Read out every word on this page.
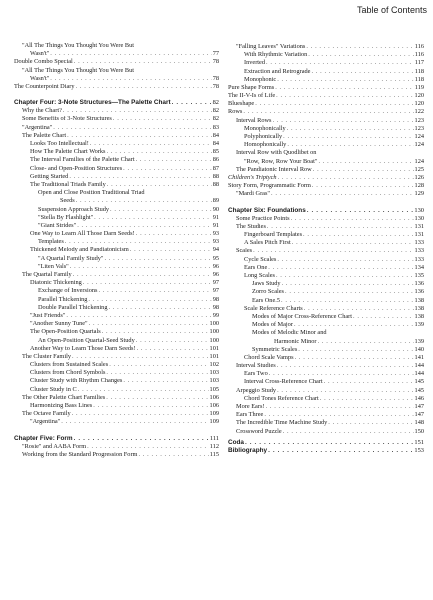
Table of Contents
"All The Things You Thought You Were But
Wasn't" . . .	77
Double Combo Special . . .	78
"All The Things You Thought You Were But
Wasn't" . . .	78
The Counterpoint Diary . . .	78
Chapter Four: 3-Note Structures—The Palette Chart . . .	82
Why the Chart? . . .	82
Some Benefits of 3-Note Structures . . .	82
"Argentina" . . .	83
The Palette Chart . . .	84
Looks Too Intellectual! . . .	84
How The Palette Chart Works . . .	85
The Interval Families of the Palette Chart . . .	86
Close- and Open-Position Structures . . .	87
Getting Started . . .	88
The Traditional Triads Family . . .	88
Open and Close Position Traditional Triad
Seeds . . .	89
Suspension Approach Study . . .	90
"Stella By Flashlight" . . .	91
"Giant Strides" . . .	91
One Way to Learn All Those Darn Seeds! . . .	93
Templates . . .	93
Thickened Melody and Pandiatonicism . . .	94
"A Quartal Family Study" . . .	95
"Liten Vals" . . .	96
The Quartal Family . . .	96
Diatonic Thickening . . .	97
Exchange of Inversions . . .	97
Parallel Thickening . . .	98
Double Parallel Thickening . . .	98
"Just Friends" . . .	99
"Another Sunny Tune" . . .	100
The Open-Position Quartals . . .	100
An Open-Position Quartal-Seed Study . . .	100
Another Way to Learn Those Darn Seeds! . . .	101
The Cluster Family . . .	101
Clusters from Sustained Scales . . .	102
Clusters from Chord Symbols . . .	103
Cluster Study with Rhythm Changes . . .	103
Cluster Study in C . . .	105
The Other Palette Chart Families . . .	106
Harmonizing Bass Lines . . .	106
The Octave Family . . .	109
"Argentina" . . .	109
Chapter Five: Form . . .	111
"Rosie" and AABA Form . . .	112
Working from the Standard Progression Form . . .	115
"Falling Leaves" Variations . . .	116
With Rhythmic Variation . . .	116
Inverted . . .	117
Extraction and Retrograde . . .	118
Monophonic . . .	118
Pure Shape Forms . . .	119
The II-V-Is of Life . . .	120
Blueshape . . .	120
Rows . . .	122
Interval Rows . . .	123
Monophonically . . .	123
Polyphonically . . .	124
Homophonically . . .	124
Interval Row with Quodlibet on
"Row, Row, Row Your Boat" . . .	124
The Pandiatonic Interval Row . . .	125
Children's Triptych . . .	126
Story Form, Programmatic Form . . .	128
"Mardi Gras" . . .	129
Chapter Six: Foundations . . .	130
Some Practice Points . . .	130
The Studies . . .	131
Fingerboard Templates . . .	131
A Sales Pitch First . . .	133
Scales . . .	133
Cycle Scales . . .	133
Ears One . . .	134
Long Scales . . .	135
Jaws Study . . .	136
Zorro Scales . . .	136
Ears One.5 . . .	138
Scale Reference Charts . . .	138
Modes of Major Cross-Reference Chart . . .	138
Modes of Major . . .	139
Modes of Melodic Minor and
Harmonic Minor . . .	139
Symmetric Scales . . .	140
Chord Scale Vamps . . .	141
Interval Studies . . .	144
Ears Two . . .	144
Interval Cross-Reference Chart . . .	145
Arpeggio Study . . .	145
Chord Tones Reference Chart . . .	146
More Ears! . . .	147
Ears Three . . .	147
The Incredible Time Machine Study . . .	148
Crossword Puzzle . . .	150
Coda . . .	151
Bibliography . . .	153
